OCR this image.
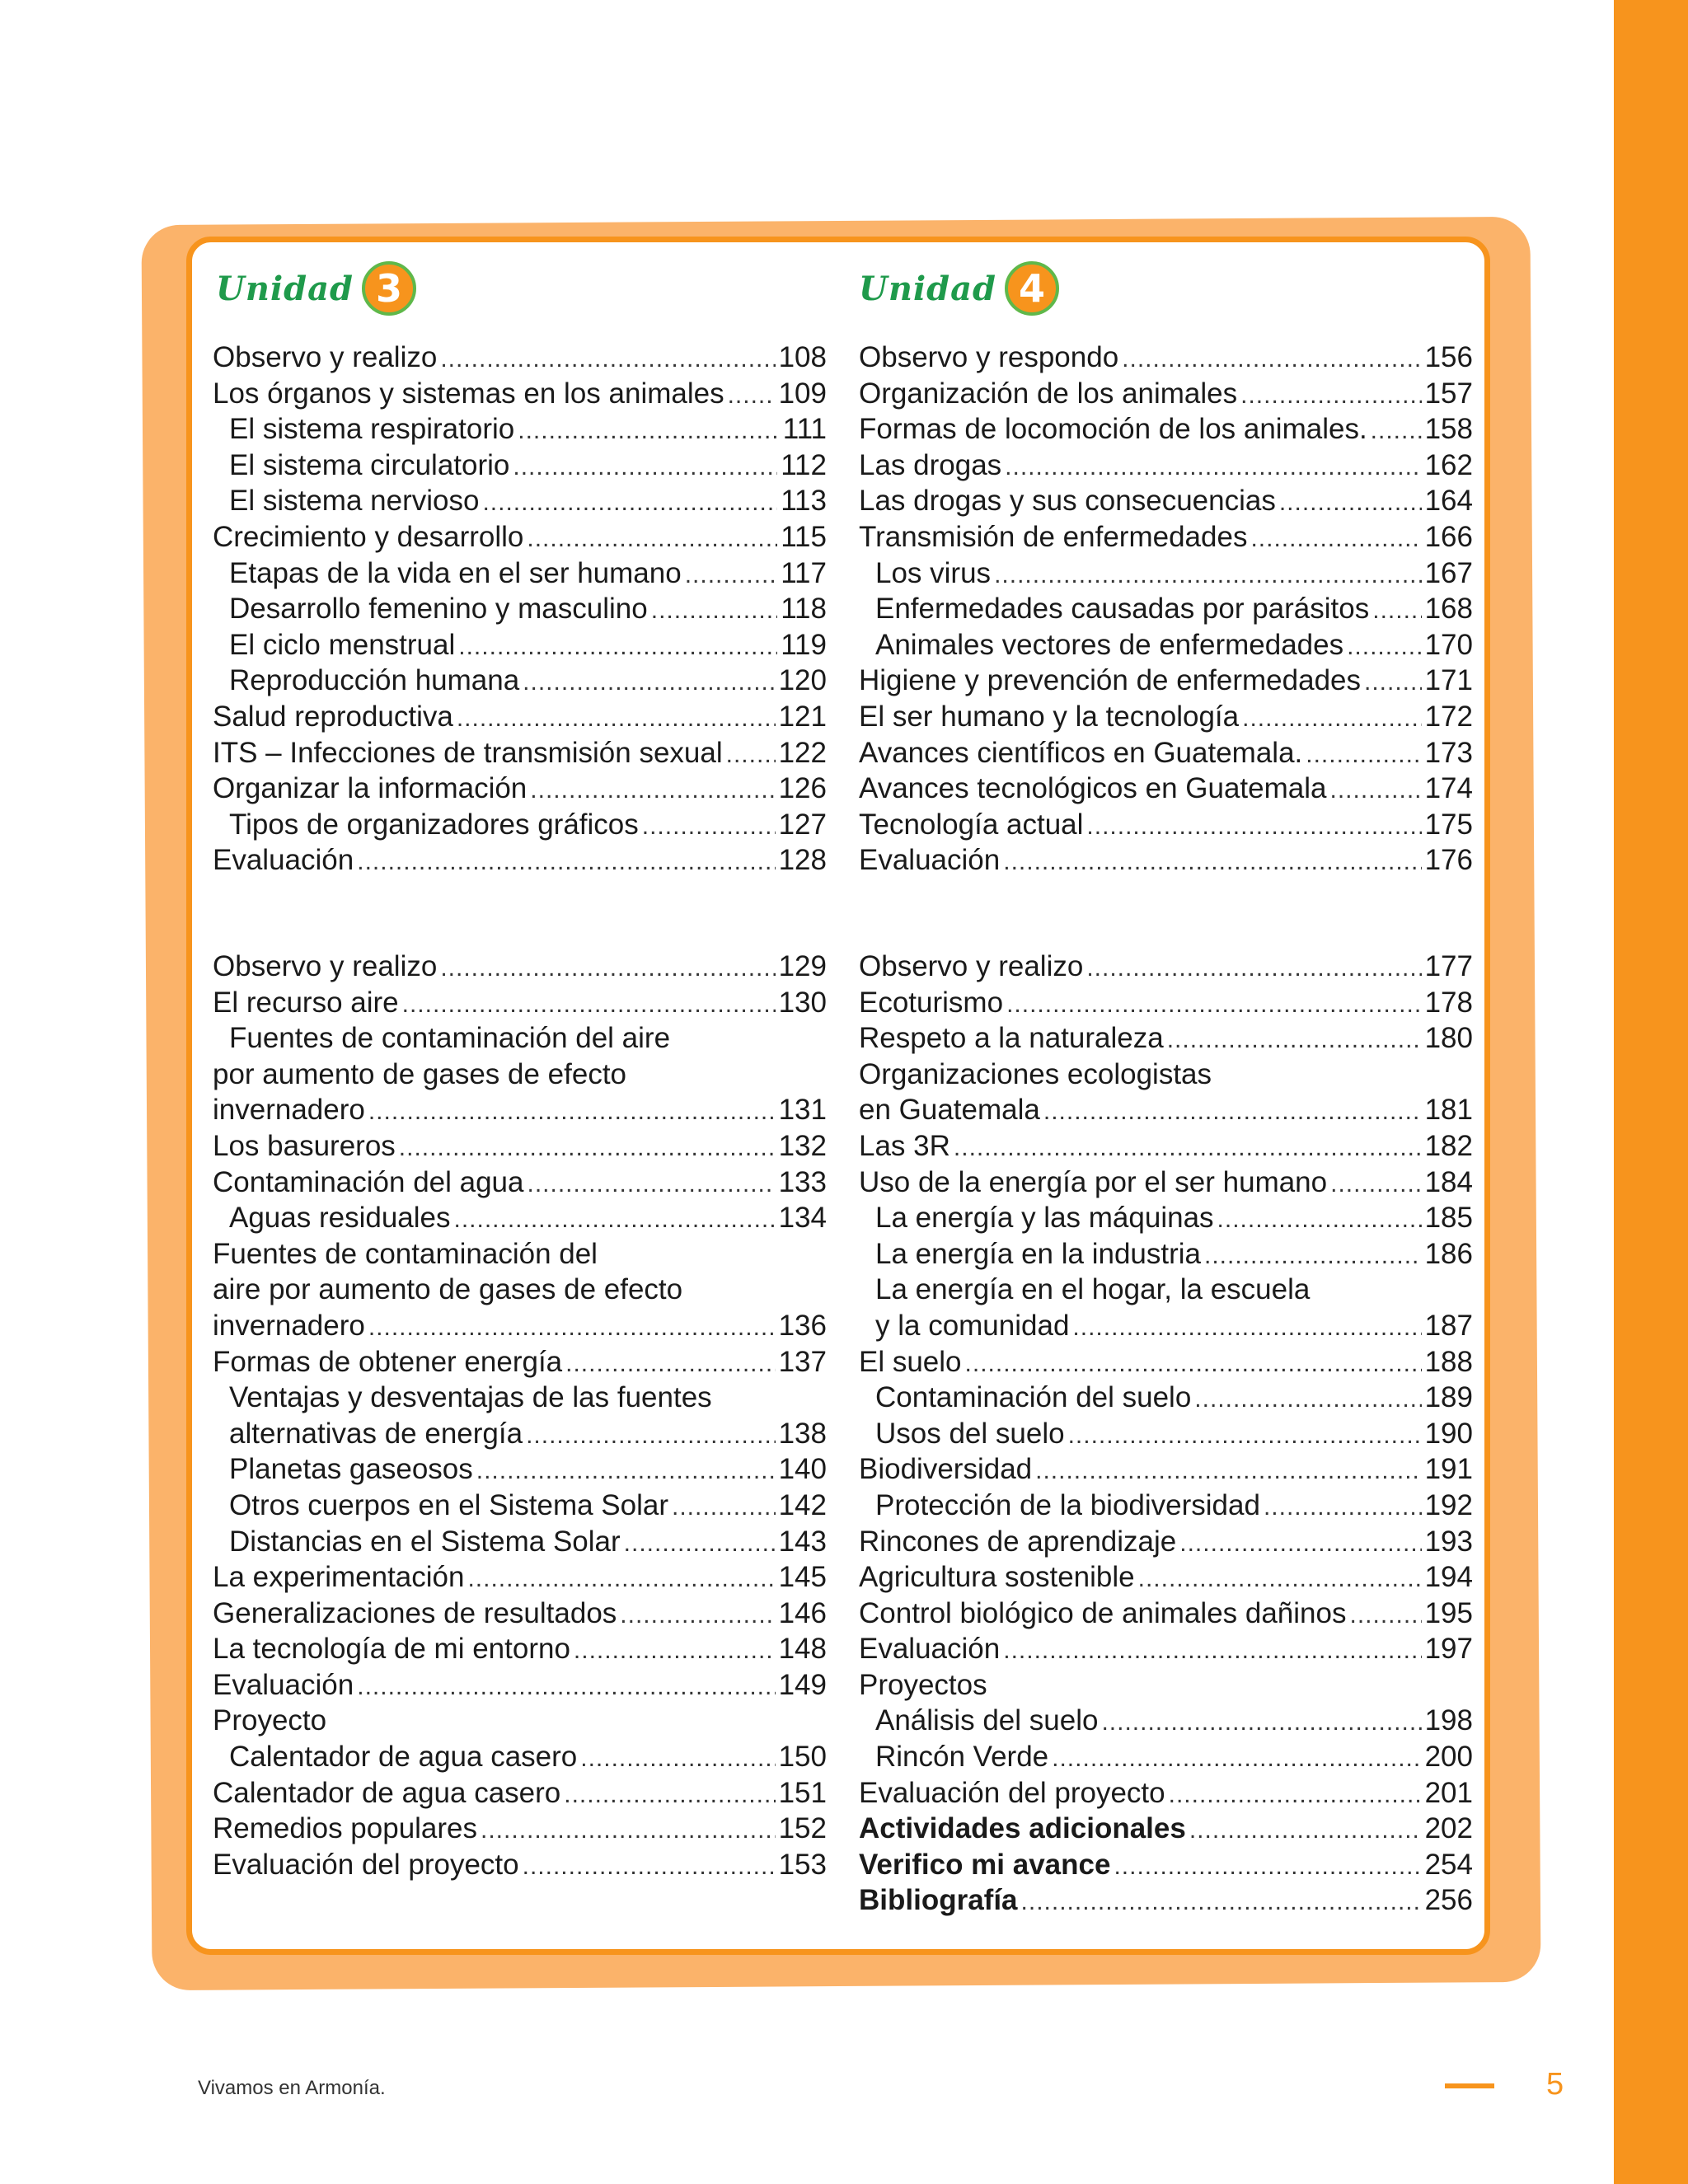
Unidad 3	Unidad 4
Observo y realizo .....	108
Los órganos y sistemas en los animales ..... 109
El sistema respiratorio .....	111
El sistema circulatorio .....	112
El sistema nervioso .....	113
Crecimiento y desarrollo .....	115
Etapas de la vida en el ser humano .....	117
Desarrollo femenino y masculino .....	118
El ciclo menstrual .....	119
Reproducción humana .....	120
Salud reproductiva .....	121
ITS – Infecciones de transmisión sexual ..... 122
Organizar la información .....	126
Tipos de organizadores gráficos .....	127
Evaluación .....	128
Observo y respondo .....	156
Organización de los animales .....	157
Formas de locomoción de los animales. ..... 158
Las drogas .....	162
Las drogas y sus consecuencias .....	164
Transmisión de enfermedades .....	166
Los virus .....	167
Enfermedades causadas por parásitos ..... 168
Animales vectores de enfermedades .....	170
Higiene y prevención de enfermedades ..... 171
El ser humano y la tecnología .....	172
Avances científicos en Guatemala. .....	173
Avances tecnológicos en Guatemala .....	174
Tecnología actual .....	175
Evaluación .....	176
Observo y realizo .....	129
El recurso aire .....	130
Fuentes de contaminación del aire
por aumento de gases de efecto
invernadero .....	131
Los basureros .....	132
Contaminación del agua .....	133
Aguas residuales .....	134
Fuentes de contaminación del
aire por aumento de gases de efecto
invernadero .....	136
Formas de obtener energía .....	137
Ventajas y desventajas de las fuentes
alternativas de energía .....	138
Planetas gaseosos .....	140
Otros cuerpos en el Sistema Solar .....	142
Distancias en el Sistema Solar .....	143
La experimentación .....	145
Generalizaciones de resultados .....	146
La tecnología de mi entorno .....	148
Evaluación .....	149
Proyecto
Calentador de agua casero .....	150
Calentador de agua casero .....	151
Remedios populares .....	152
Evaluación del proyecto .....	153
Observo y realizo .....	177
Ecoturismo .....	178
Respeto a la naturaleza .....	180
Organizaciones ecologistas
en Guatemala .....	181
Las 3R .....	182
Uso de la energía por el ser humano .....	184
La energía y las máquinas .....	185
La energía en la industria .....	186
La energía en el hogar, la escuela
y la comunidad .....	187
El suelo .....	188
Contaminación del suelo .....	189
Usos del suelo .....	190
Biodiversidad .....	191
Protección de la biodiversidad .....	192
Rincones de aprendizaje .....	193
Agricultura sostenible .....	194
Control biológico de animales dañinos .....	195
Evaluación .....	197
Proyectos
Análisis del suelo .....	198
Rincón Verde .....	200
Evaluación del proyecto .....	201
Actividades adicionales .....	202
Verifico mi avance .....	254
Bibliografía .....	256
Vivamos en Armonía.	5
